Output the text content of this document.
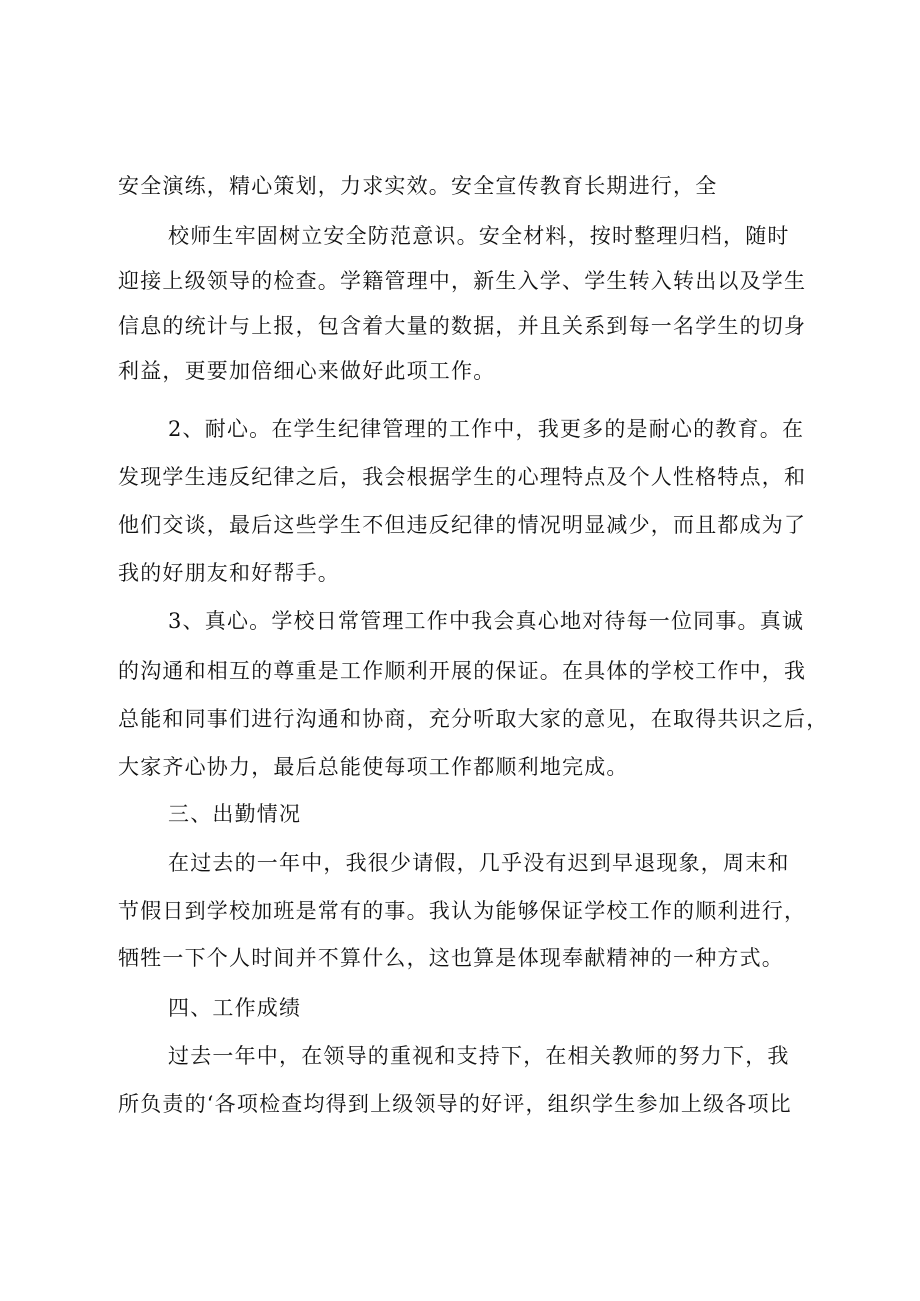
安全演练，精心策划，力求实效。安全宣传教育长期进行，全
校师生牢固树立安全防范意识。安全材料，按时整理归档，随时
迎接上级领导的检查。学籍管理中，新生入学、学生转入转出以及学生
信息的统计与上报，包含着大量的数据，并且关系到每一名学生的切身
利益，更要加倍细心来做好此项工作。
2、耐心。在学生纪律管理的工作中，我更多的是耐心的教育。在
发现学生违反纪律之后，我会根据学生的心理特点及个人性格特点，和
他们交谈，最后这些学生不但违反纪律的情况明显减少，而且都成为了
我的好朋友和好帮手。
3、真心。学校日常管理工作中我会真心地对待每一位同事。真诚
的沟通和相互的尊重是工作顺利开展的保证。在具体的学校工作中，我
总能和同事们进行沟通和协商，充分听取大家的意见，在取得共识之后，
大家齐心协力，最后总能使每项工作都顺利地完成。
三、出勤情况
在过去的一年中，我很少请假，几乎没有迟到早退现象，周末和
节假日到学校加班是常有的事。我认为能够保证学校工作的顺利进行，
牺牲一下个人时间并不算什么，这也算是体现奉献精神的一种方式。
四、工作成绩
过去一年中，在领导的重视和支持下，在相关教师的努力下，我
所负责的‘各项检查均得到上级领导的好评，组织学生参加上级各项比
